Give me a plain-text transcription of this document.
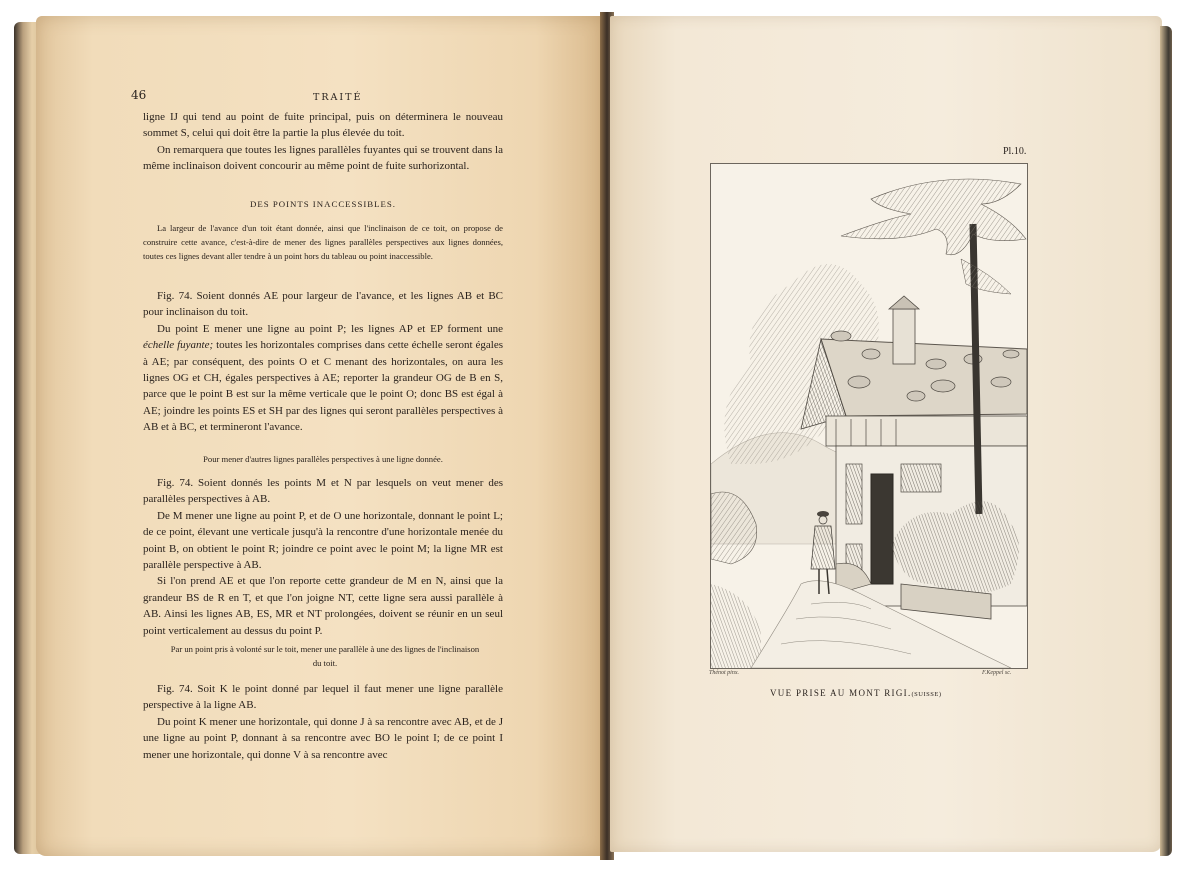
46	TRAITÉ

ligne IJ qui tend au point de fuite principal, puis on déterminera le nouveau sommet S, celui qui doit être la partie la plus élevée du toit.

On remarquera que toutes les lignes parallèles fuyantes qui se trouvent dans la même inclinaison doivent concourir au même point de fuite surhorizontal.

DES POINTS INACCESSIBLES.

La largeur de l'avance d'un toit étant donnée, ainsi que l'inclinaison de ce toit, on propose de construire cette avance, c'est-à-dire de mener des lignes parallèles perspectives aux lignes données, toutes ces lignes devant aller tendre à un point hors du tableau ou point inaccessible.

Fig. 74. Soient donnés AE pour largeur de l'avance, et les lignes AB et BC pour inclinaison du toit.

Du point E mener une ligne au point P; les lignes AP et EP forment une échelle fuyante; toutes les horizontales comprises dans cette échelle seront égales à AE; par conséquent, des points O et C menant des horizontales, on aura les lignes OG et CH, égales perspectives à AE; reporter la grandeur OG de B en S, parce que le point B est sur la même verticale que le point O; donc BS est égal à AE; joindre les points ES et SH par des lignes qui seront parallèles perspectives à AB et à BC, et termineront l'avance.

Pour mener d'autres lignes parallèles perspectives à une ligne donnée.

Fig. 74. Soient donnés les points M et N par lesquels on veut mener des parallèles perspectives à AB.

De M mener une ligne au point P, et de O une horizontale, donnant le point L; de ce point, élevant une verticale jusqu'à la rencontre d'une horizontale menée du point B, on obtient le point R; joindre ce point avec le point M; la ligne MR est parallèle perspective à AB.

Si l'on prend AE et que l'on reporte cette grandeur de M en N, ainsi que la grandeur BS de R en T, et que l'on joigne NT, cette ligne sera aussi parallèle à AB. Ainsi les lignes AB, ES, MR et NT prolongées, doivent se réunir en un seul point verticalement au dessus du point P.

Par un point pris à volonté sur le toit, mener une parallèle à une des lignes de l'inclinaison du toit.

Fig. 74. Soit K le point donné par lequel il faut mener une ligne parallèle perspective à la ligne AB.

Du point K mener une horizontale, qui donne J à sa rencontre avec AB, et de J une ligne au point P, donnant à sa rencontre avec BO le point I; de ce point I mener une horizontale, qui donne V à sa rencontre avec

Pl.10.
Thénot pinx.	F.Keppel sc.
VUE PRISE AU MONT RIGI.(SUISSE)
